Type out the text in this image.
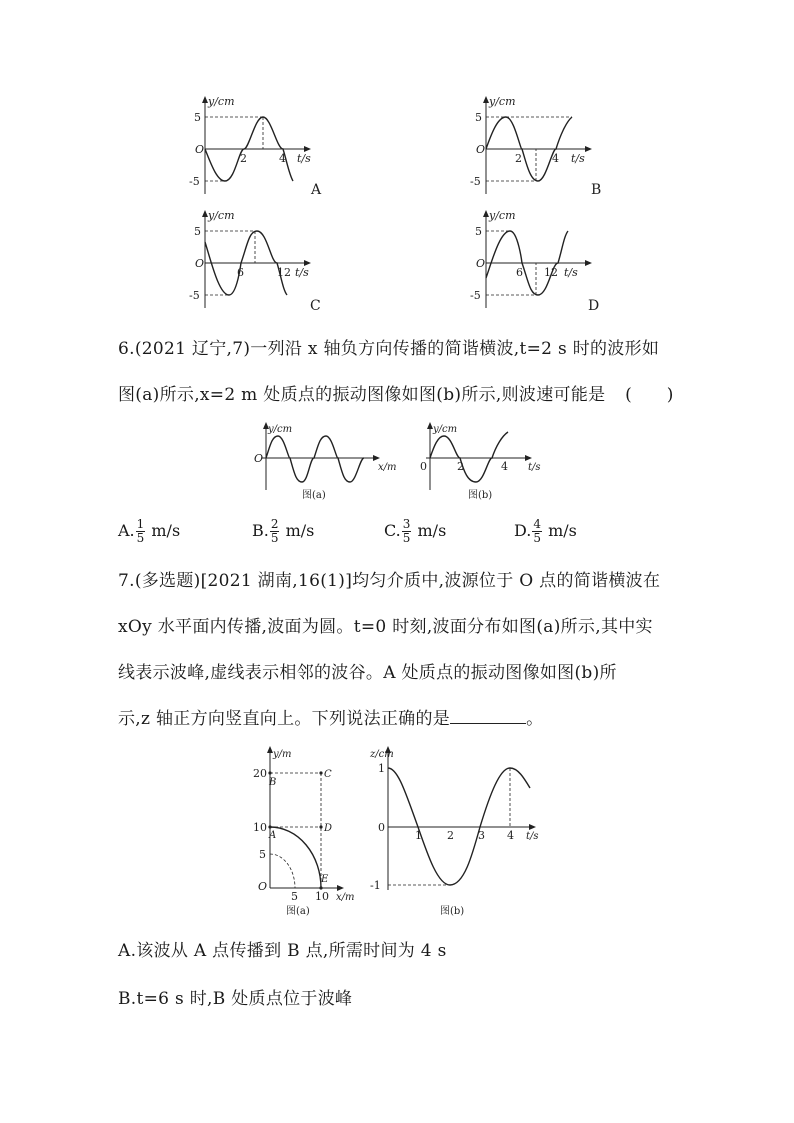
y/cm
5
-5
O
2	4 t/s
A
y/cm
5
-5
O
2	4 t/s
B
y/cm
5
-5
O
6	12 t/s
C
y/cm
5
-5
O
6 12 t/s
D
6.(2021 辽宁,7)一列沿 x 轴负方向传播的简谐横波,t=2 s 时的波形如
图(a)所示,x=2 m 处质点的振动图像如图(b)所示,则波速可能是 (　　)
y/cm
O
x/m
图(a)
y/cm
0	2	4 t/s
图(b)
A. $\frac{1}{5} m/s$	B. $\frac{2}{5} m/s$	C. $\frac{3}{5} m/s$	D. $\frac{4}{5} m/s$
7.(多选题)[2021 湖南,16(1)]均匀介质中,波源位于 O 点的简谐横波在
xOy 水平面内传播,波面为圆。t=0 时刻,波面分布如图(a)所示,其中实
线表示波峰,虚线表示相邻的波谷。A 处质点的振动图像如图(b)所
示,z 轴正方向竖直向上。下列说法正确的是	。
y/m
20
10
5
B
C
A
D
E
O
5 10 x/m
图(a)
z/cm
1
0
-1
1 2 3 4 t/s
图(b)
A.该波从 A 点传播到 B 点,所需时间为 4 s
B.t=6 s 时,B 处质点位于波峰
